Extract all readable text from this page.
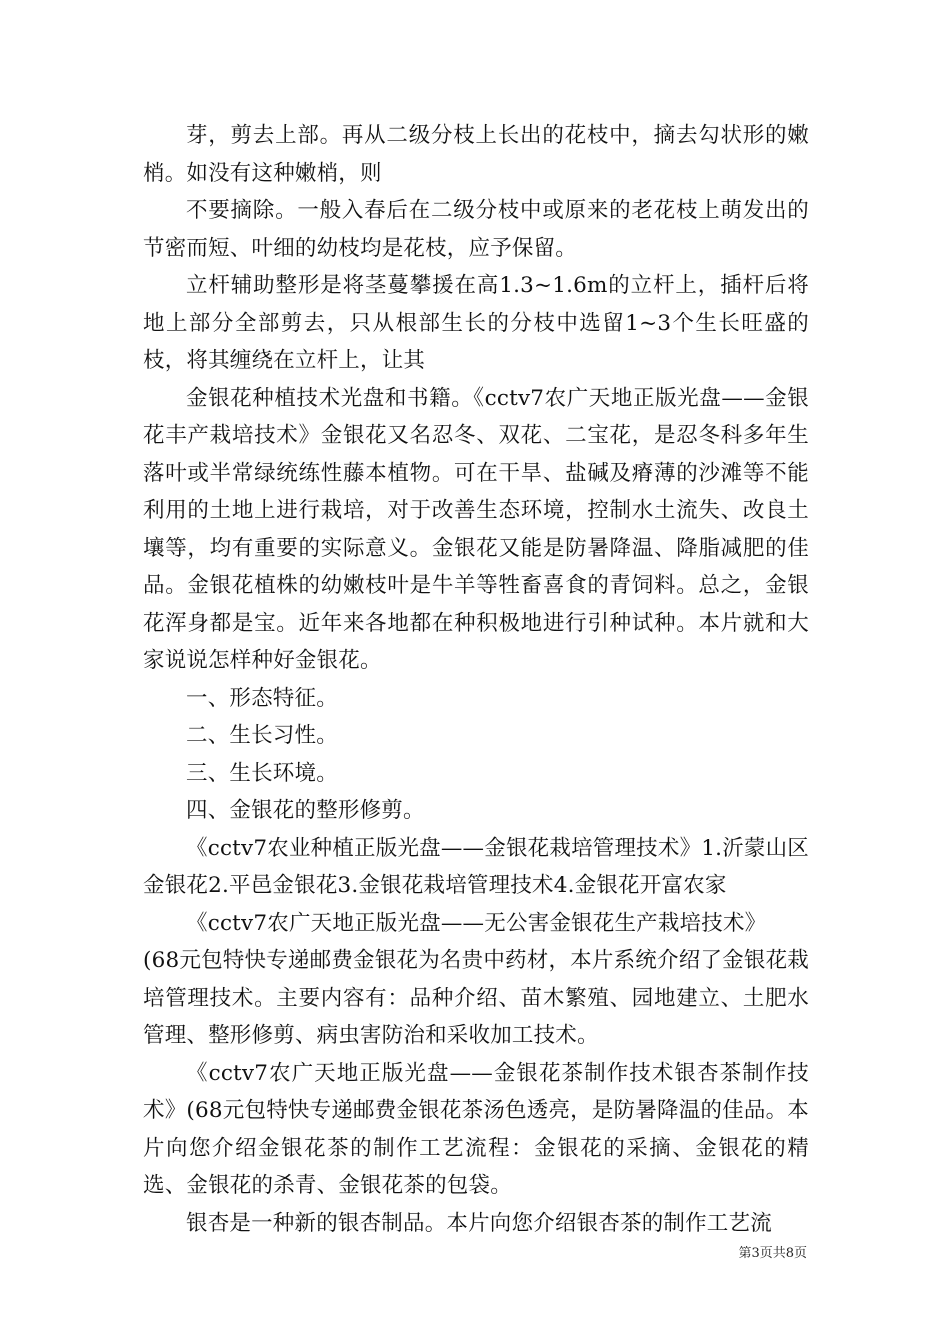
芽，剪去上部。再从二级分枝上长出的花枝中，摘去勾状形的嫩梢。如没有这种嫩梢，则

不要摘除。一般入春后在二级分枝中或原来的老花枝上萌发出的节密而短、叶细的幼枝均是花枝，应予保留。

立杆辅助整形是将茎蔓攀援在高1.3~1.6m的立杆上，插杆后将地上部分全部剪去，只从根部生长的分枝中选留1~3个生长旺盛的枝，将其缠绕在立杆上，让其

金银花种植技术光盘和书籍。《cctv7农广天地正版光盘——金银花丰产栽培技术》金银花又名忍冬、双花、二宝花，是忍冬科多年生落叶或半常绿统练性藤本植物。可在干旱、盐碱及瘠薄的沙滩等不能利用的土地上进行栽培，对于改善生态环境，控制水土流失、改良土壤等，均有重要的实际意义。金银花又能是防暑降温、降脂减肥的佳品。金银花植株的幼嫩枝叶是牛羊等牲畜喜食的青饲料。总之，金银花浑身都是宝。近年来各地都在种积极地进行引种试种。本片就和大家说说怎样种好金银花。

一、形态特征。

二、生长习性。

三、生长环境。

四、金银花的整形修剪。

《cctv7农业种植正版光盘——金银花栽培管理技术》1.沂蒙山区金银花2.平邑金银花3.金银花栽培管理技术4.金银花开富农家

《cctv7农广天地正版光盘——无公害金银花生产栽培技术》

(68元包特快专递邮费金银花为名贵中药材，本片系统介绍了金银花栽培管理技术。主要内容有：品种介绍、苗木繁殖、园地建立、土肥水管理、整形修剪、病虫害防治和采收加工技术。

《cctv7农广天地正版光盘——金银花茶制作技术银杏茶制作技术》(68元包特快专递邮费金银花茶汤色透亮，是防暑降温的佳品。本片向您介绍金银花茶的制作工艺流程：金银花的采摘、金银花的精选、金银花的杀青、金银花茶的包袋。

银杏是一种新的银杏制品。本片向您介绍银杏茶的制作工艺流

第3页共8页
